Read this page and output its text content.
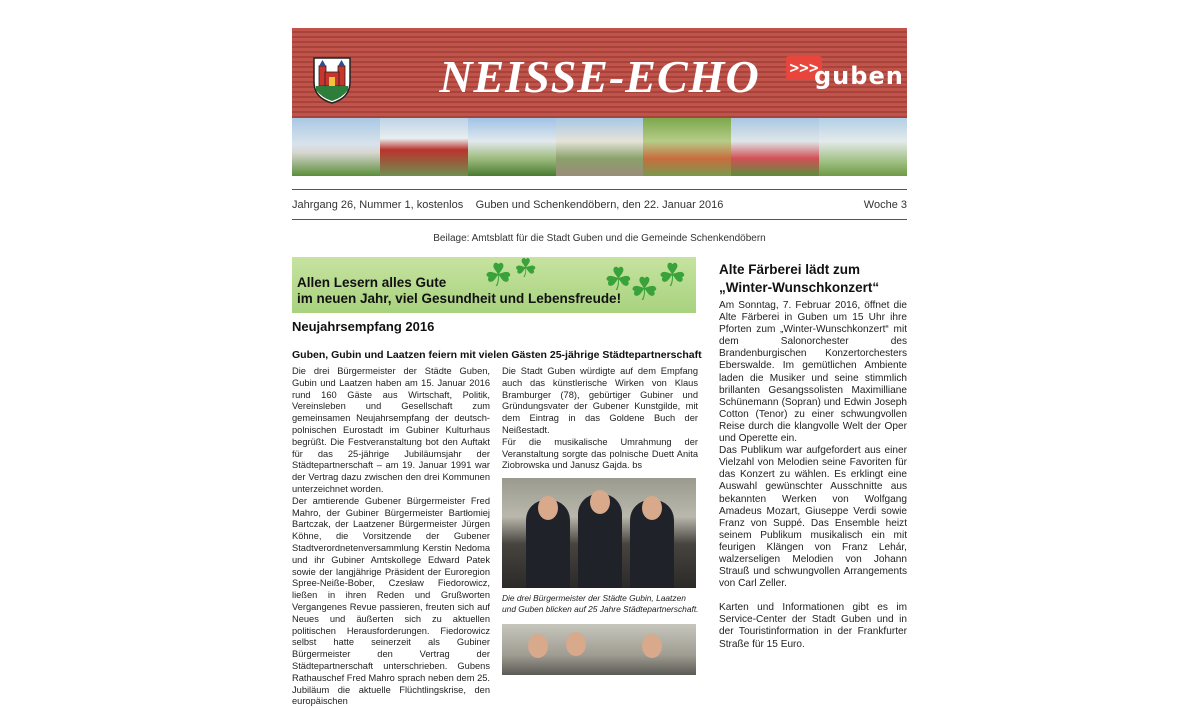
NEISSE-ECHO	>>>
guben
Jahrgang 26, Nummer 1, kostenlos	Guben und Schenkendöbern, den 22. Januar 2016	Woche 3
Beilage: Amtsblatt für die Stadt Guben und die Gemeinde Schenkendöbern
☘ ☘ ☘
☘ ☘
Allen Lesern alles Gute
im neuen Jahr, viel Gesundheit und Lebensfreude!
Neujahrsempfang 2016
Guben, Gubin und Laatzen feiern mit vielen Gästen 25-jährige Städtepartnerschaft

Die drei Bürgermeister der Städte Guben, Gubin und Laatzen haben am 15. Januar 2016 rund 160 Gäste aus Wirtschaft, Politik, Vereinsleben und Gesellschaft zum gemeinsamen Neujahrsempfang der deutsch-polnischen Eurostadt im Gubiner Kulturhaus begrüßt. Die Festveranstaltung bot den Auftakt für das 25-jährige Jubiläumsjahr der Städtepartnerschaft – am 19. Januar 1991 war der Vertrag dazu zwischen den drei Kommunen unterzeichnet worden.

Der amtierende Gubener Bürgermeister Fred Mahro, der Gubiner Bürgermeister Bartłomiej Bartczak, der Laatzener Bürgermeister Jürgen Köhne, die Vorsitzende der Gubener Stadtverordnetenversammlung Kerstin Nedoma und ihr Gubiner Amtskollege Edward Patek sowie der langjährige Präsident der Euroregion Spree-Neiße-Bober, Czesław Fiedorowicz, ließen in ihren Reden und Grußworten Vergangenes Revue passieren, freuten sich auf Neues und äußerten sich zu aktuellen politischen Herausforderungen. Fiedorowicz selbst hatte seinerzeit als Gubiner Bürgermeister den Vertrag der Städtepartnerschaft unterschrieben. Gubens Rathauschef Fred Mahro sprach neben dem 25. Jubiläum die aktuelle Flüchtlingskrise, den europäischen

Die Stadt Guben würdigte auf dem Empfang auch das künstlerische Wirken von Klaus Bramburger (78), gebürtiger Gubiner und Gründungsvater der Gubener Kunstgilde, mit dem Eintrag in das Goldene Buch der Neißestadt.

Für die musikalische Umrahmung der Veranstaltung sorgte das polnische Duett Anita Ziobrowska und Janusz Gajda. bs

Die drei Bürgermeister der Städte Gubin, Laatzen und Guben blicken auf 25 Jahre Städtepartnerschaft.
Alte Färberei lädt zum
„Winter-Wunschkonzert“

Am Sonntag, 7. Februar 2016, öffnet die Alte Färberei in Guben um 15 Uhr ihre Pforten zum „Winter-Wunschkonzert“ mit dem Salonorchester des Brandenburgischen Konzertorchesters Eberswalde. Im gemütlichen Ambiente laden die Musiker und seine stimmlich brillanten Gesangssolisten Maximilliane Schünemann (Sopran) und Edwin Joseph Cotton (Tenor) zu einer schwungvollen Reise durch die klangvolle Welt der Oper und Operette ein.

Das Publikum war aufgefordert aus einer Vielzahl von Melodien seine Favoriten für das Konzert zu wählen. Es erklingt eine Auswahl gewünschter Ausschnitte aus bekannten Werken von Wolfgang Amadeus Mozart, Giuseppe Verdi sowie Franz von Suppé. Das Ensemble heizt seinem Publikum musikalisch ein mit feurigen Klängen von Franz Lehár, walzerseligen Melodien von Johann Strauß und schwungvollen Arrangements von Carl Zeller.

Karten und Informationen gibt es im Service-Center der Stadt Guben und in der Touristinformation in der Frankfurter Straße für 15 Euro.
